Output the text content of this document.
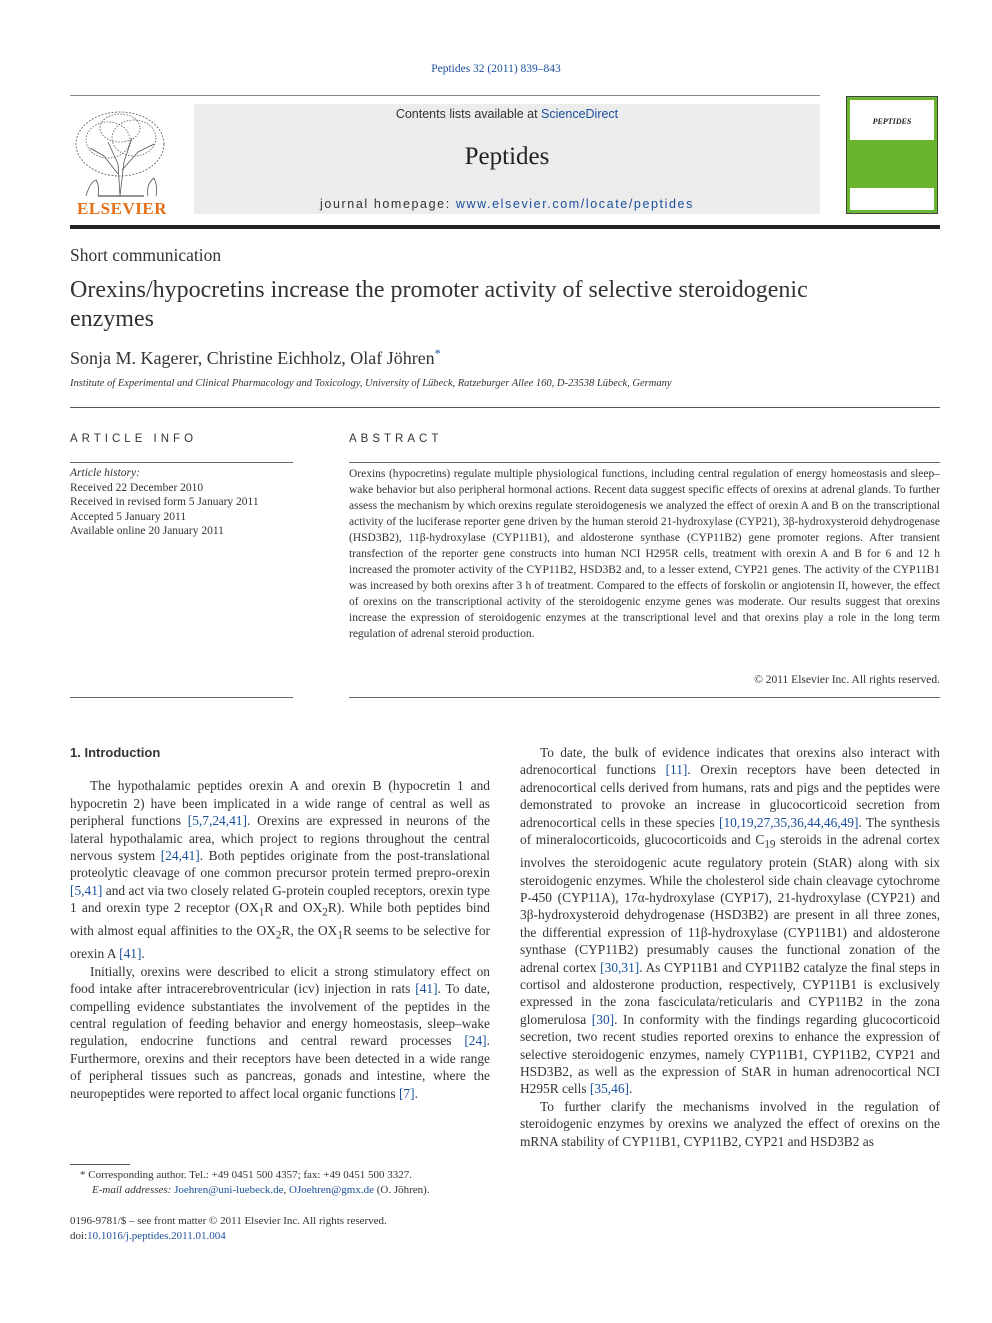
Peptides 32 (2011) 839–843
ELSEVIER
Contents lists available at ScienceDirect
Peptides
journal homepage: www.elsevier.com/locate/peptides
PEPTIDES
Short communication
Orexins/hypocretins increase the promoter activity of selective steroidogenic enzymes
Sonja M. Kagerer, Christine Eichholz, Olaf Jöhren*
Institute of Experimental and Clinical Pharmacology and Toxicology, University of Lübeck, Ratzeburger Allee 160, D-23538 Lübeck, Germany
ARTICLE INFO	ABSTRACT
Article history:
Received 22 December 2010
Received in revised form 5 January 2011
Accepted 5 January 2011
Available online 20 January 2011
Orexins (hypocretins) regulate multiple physiological functions, including central regulation of energy homeostasis and sleep–wake behavior but also peripheral hormonal actions. Recent data suggest specific effects of orexins at adrenal glands. To further assess the mechanism by which orexins regulate steroidogenesis we analyzed the effect of orexin A and B on the transcriptional activity of the luciferase reporter gene driven by the human steroid 21-hydroxylase (CYP21), 3β-hydroxysteroid dehydrogenase (HSD3B2), 11β-hydroxylase (CYP11B1), and aldosterone synthase (CYP11B2) gene promoter regions. After transient transfection of the reporter gene constructs into human NCI H295R cells, treatment with orexin A and B for 6 and 12 h increased the promoter activity of the CYP11B2, HSD3B2 and, to a lesser extend, CYP21 genes. The activity of the CYP11B1 was increased by both orexins after 3 h of treatment. Compared to the effects of forskolin or angiotensin II, however, the effect of orexins on the transcriptional activity of the steroidogenic enzyme genes was moderate. Our results suggest that orexins increase the expression of steroidogenic enzymes at the transcriptional level and that orexins play a role in the long term regulation of adrenal steroid production.
© 2011 Elsevier Inc. All rights reserved.

1. Introduction

The hypothalamic peptides orexin A and orexin B (hypocretin 1 and hypocretin 2) have been implicated in a wide range of central as well as peripheral functions [5,7,24,41]. Orexins are expressed in neurons of the lateral hypothalamic area, which project to regions throughout the central nervous system [24,41]. Both peptides originate from the post-translational proteolytic cleavage of one common precursor protein termed prepro-orexin [5,41] and act via two closely related G-protein coupled receptors, orexin type 1 and orexin type 2 receptor ($OX_1R$ and $OX_2R$). While both peptides bind with almost equal affinities to the $OX_2R$, the $OX_1R$ seems to be selective for orexin A [41].

Initially, orexins were described to elicit a strong stimulatory effect on food intake after intracerebroventricular (icv) injection in rats [41]. To date, compelling evidence substantiates the involvement of the peptides in the central regulation of feeding behavior and energy homeostasis, sleep–wake regulation, endocrine functions and central reward processes [24]. Furthermore, orexins and their receptors have been detected in a wide range of peripheral tissues such as pancreas, gonads and intestine, where the neuropeptides were reported to affect local organic functions [7].

To date, the bulk of evidence indicates that orexins also interact with adrenocortical functions [11]. Orexin receptors have been detected in adrenocortical cells derived from humans, rats and pigs and the peptides were demonstrated to provoke an increase in glucocorticoid secretion from adrenocortical cells in these species [10,19,27,35,36,44,46,49]. The synthesis of mineralocorticoids, glucocorticoids and $C_{19}$ steroids in the adrenal cortex involves the steroidogenic acute regulatory protein (StAR) along with six steroidogenic enzymes. While the cholesterol side chain cleavage cytochrome P-450 (CYP11A), 17α-hydroxylase (CYP17), 21-hydroxylase (CYP21) and 3β-hydroxysteroid dehydrogenase (HSD3B2) are present in all three zones, the differential expression of 11β-hydroxylase (CYP11B1) and aldosterone synthase (CYP11B2) presumably causes the functional zonation of the adrenal cortex [30,31]. As CYP11B1 and CYP11B2 catalyze the final steps in cortisol and aldosterone production, respectively, CYP11B1 is exclusively expressed in the zona fasciculata/reticularis and CYP11B2 in the zona glomerulosa [30]. In conformity with the findings regarding glucocorticoid secretion, two recent studies reported orexins to enhance the expression of selective steroidogenic enzymes, namely CYP11B1, CYP11B2, CYP21 and HSD3B2, as well as the expression of StAR in human adrenocortical NCI H295R cells [35,46].

To further clarify the mechanisms involved in the regulation of steroidogenic enzymes by orexins we analyzed the effect of orexins on the mRNA stability of CYP11B1, CYP11B2, CYP21 and HSD3B2 as

* Corresponding author. Tel.: +49 0451 500 4357; fax: +49 0451 500 3327.
E-mail addresses: Joehren@uni-luebeck.de, OJoehren@gmx.de (O. Jöhren).
0196-9781/$ – see front matter © 2011 Elsevier Inc. All rights reserved.
doi:10.1016/j.peptides.2011.01.004
